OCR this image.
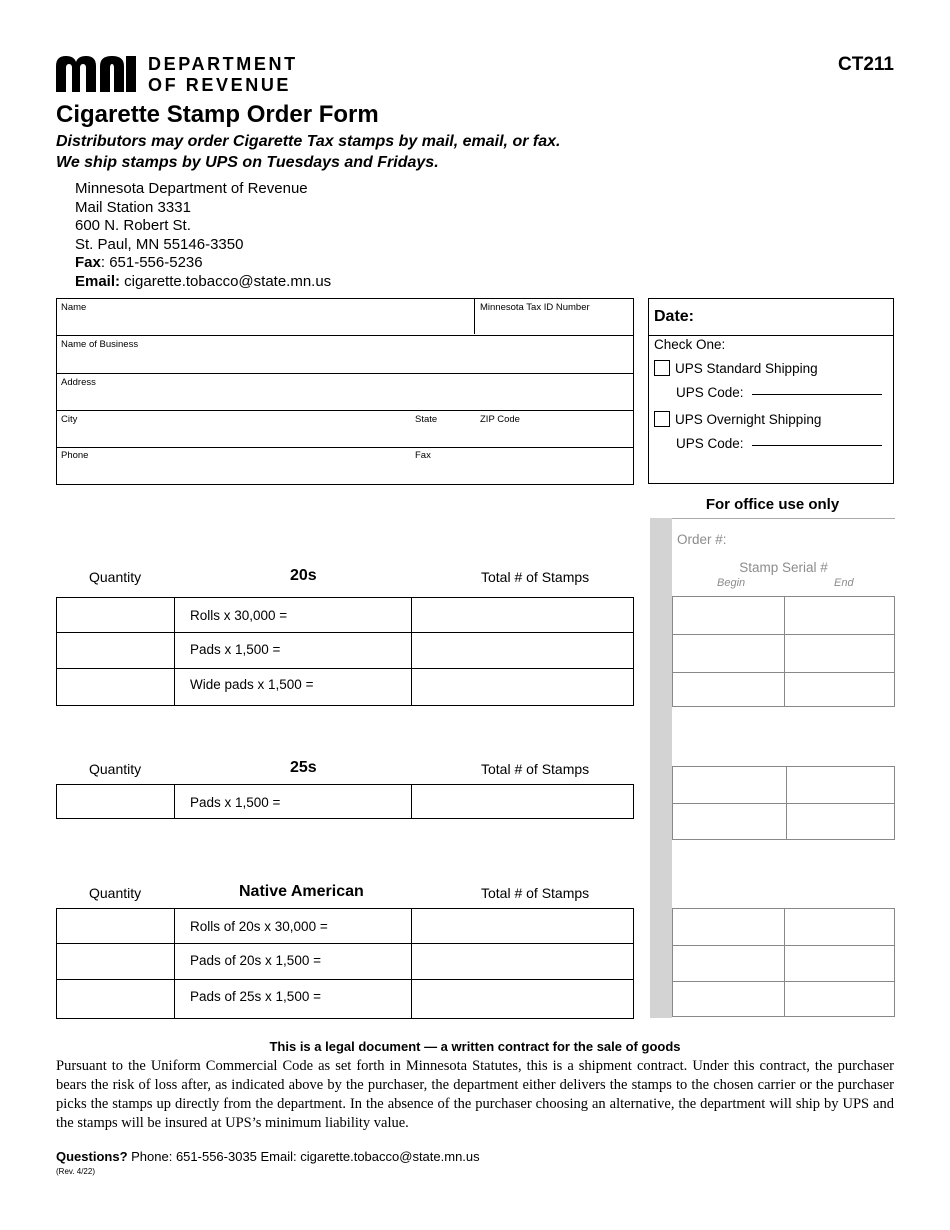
DEPARTMENT
OF REVENUE
CT211
Cigarette Stamp Order Form
Distributors may order Cigarette Tax stamps by mail, email, or fax.
We ship stamps by UPS on Tuesdays and Fridays.
Minnesota Department of Revenue
Mail Station 3331
600 N. Robert St.
St. Paul, MN 55146-3350
Fax: 651-556-5236
Email: cigarette.tobacco@state.mn.us
Name	Minnesota Tax ID Number
Name of Business
Address
City	State	ZIP Code
Phone	Fax
Date:
Check One:
UPS Standard Shipping
UPS Code:
UPS Overnight Shipping
UPS Code:
For office use only
Order #:
Stamp Serial #
Begin	End
Quantity	20s	Total # of Stamps
Rolls x 30,000 =
Pads x 1,500 =
Wide pads x 1,500 =
Quantity	25s	Total # of Stamps
Pads x 1,500 =
Quantity	Native American	Total # of Stamps
Rolls of 20s x 30,000 =
Pads of 20s x 1,500 =
Pads of 25s x 1,500 =
This is a legal document — a written contract for the sale of goods
Pursuant to the Uniform Commercial Code as set forth in Minnesota Statutes, this is a shipment contract. Under this contract, the purchaser bears the risk of loss after, as indicated above by the purchaser, the department either delivers the stamps to the chosen carrier or the purchaser picks the stamps up directly from the department. In the absence of the purchaser choosing an alternative, the department will ship by UPS and the stamps will be insured at UPS’s minimum liability value.
Questions? Phone: 651-556-3035 Email: cigarette.tobacco@state.mn.us
(Rev. 4/22)
